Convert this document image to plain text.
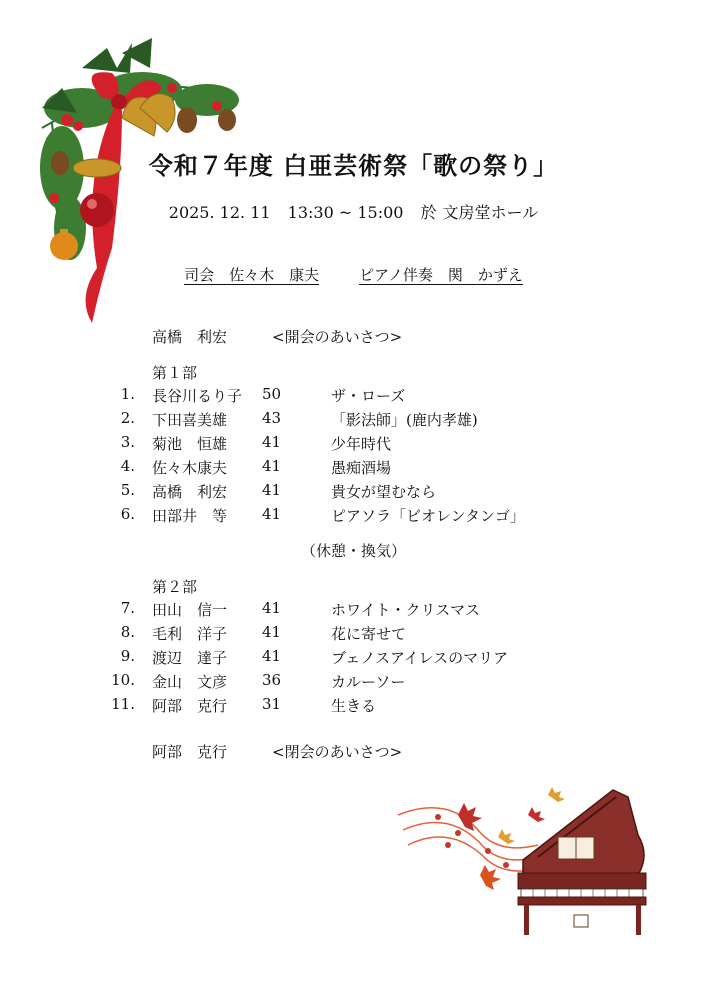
令和７年度 白亜芸術祭「歌の祭り」
2025. 12. 11 13:30 ~ 15:00 於 文房堂ホール
司会　佐々木　康夫	ピアノ伴奏　関　かずえ
高橋　利宏	<開会のあいさつ>
第１部
1. 長谷川るり子 50	ザ・ローズ
2. 下田喜美雄 43	「影法師」(鹿内孝雄)
3. 菊池　恒雄 41	少年時代
4. 佐々木康夫 41	愚痴酒場
5. 高橋　利宏 41	貴女が望むなら
6. 田部井　等 41	ピアソラ「ビオレンタンゴ」
（休憩・換気）
第２部
7. 田山　信一 41	ホワイト・クリスマス
8. 毛利　洋子 41	花に寄せて
9. 渡辺　達子 41	ブェノスアイレスのマリア
10. 金山　文彦 36	カルーソー
11. 阿部　克行 31	生きる
阿部　克行	<閉会のあいさつ>
